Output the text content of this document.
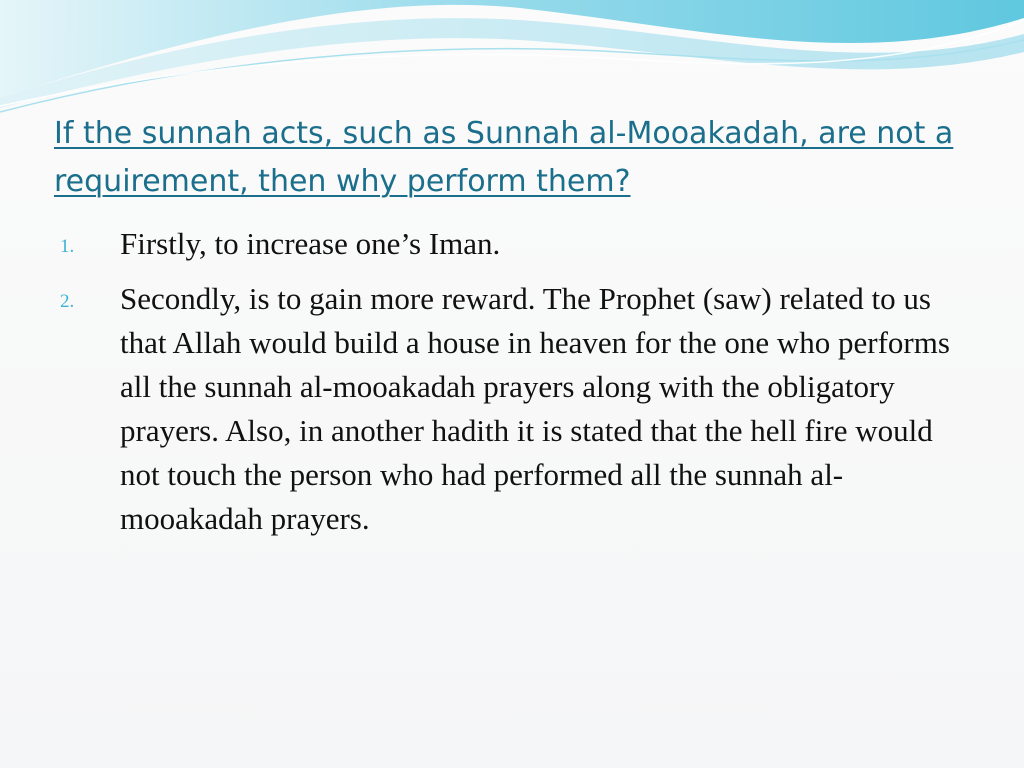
If the sunnah acts, such as Sunnah al-Mooakadah, are not a requirement, then why perform them?
1. Firstly, to increase one’s Iman.
2. Secondly, is to gain more reward. The Prophet (saw) related to us that Allah would build a house in heaven for the one who performs all the sunnah al-mooakadah prayers along with the obligatory prayers. Also, in another hadith it is stated that the hell fire would not touch the person who had performed all the sunnah al-mooakadah prayers.
